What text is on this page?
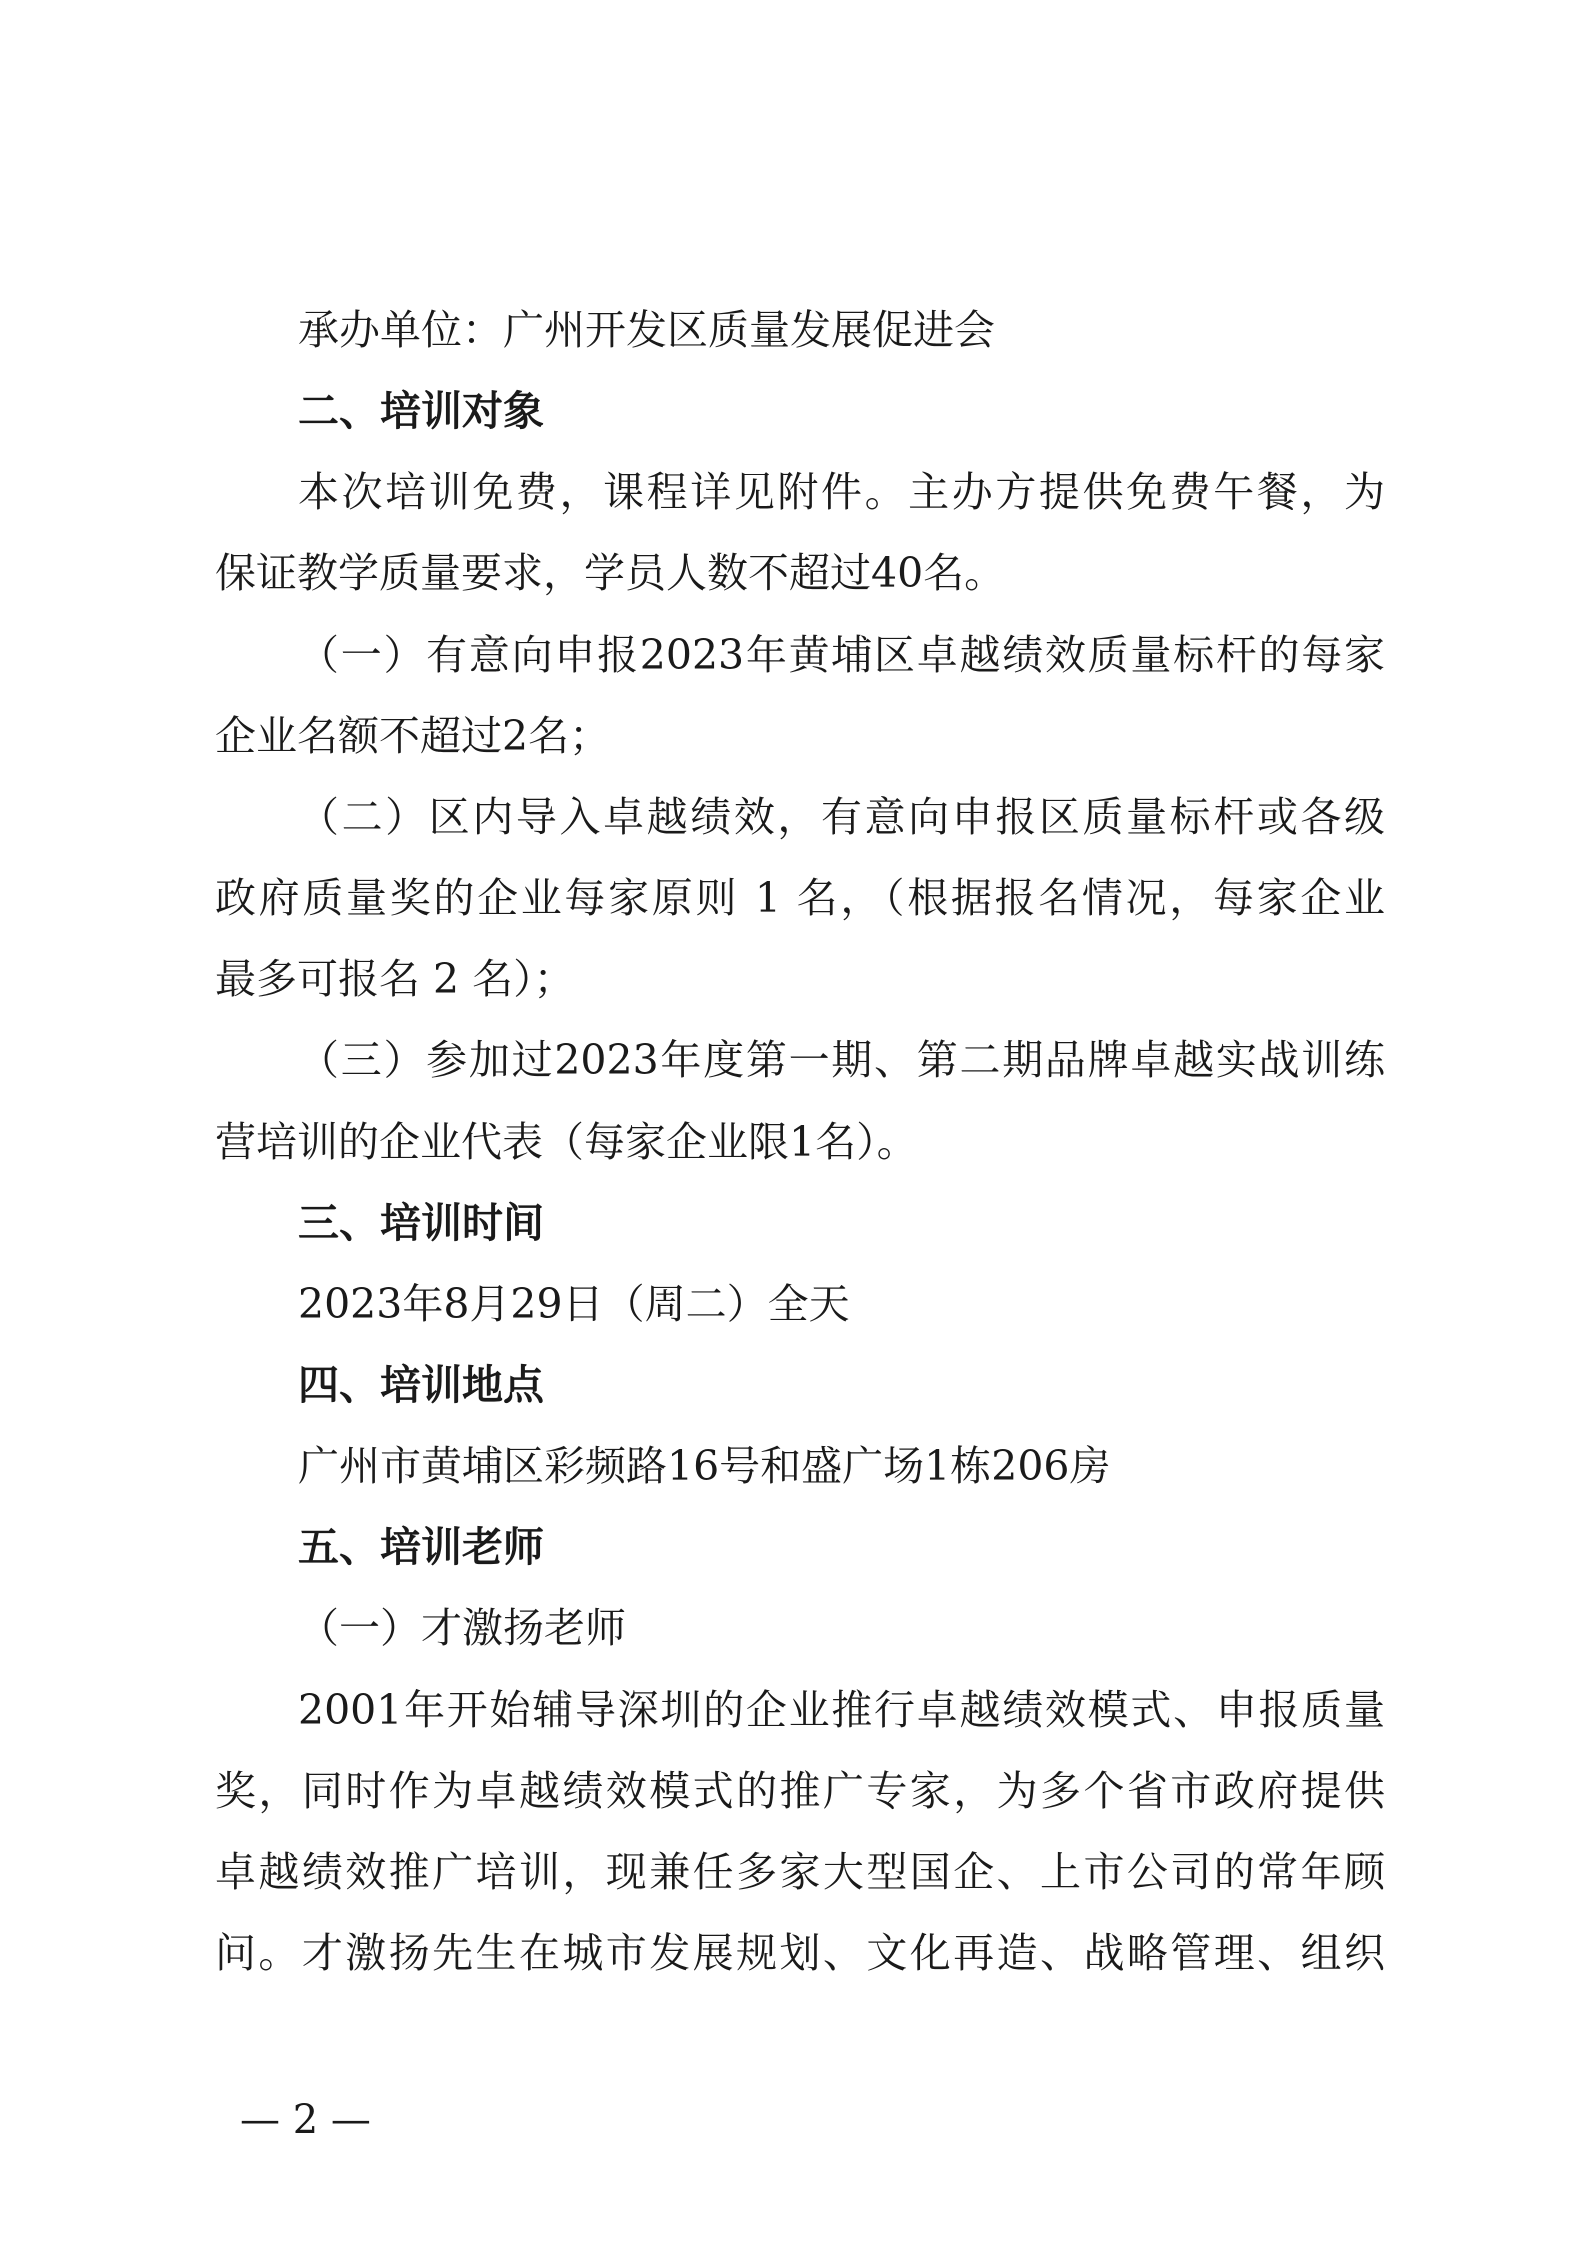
承办单位：广州开发区质量发展促进会
二、培训对象
本次培训免费，课程详见附件。主办方提供免费午餐，为
保证教学质量要求，学员人数不超过40名。
（一）有意向申报2023年黄埔区卓越绩效质量标杆的每家
企业名额不超过2名；
（二）区内导入卓越绩效，有意向申报区质量标杆或各级
政府质量奖的企业每家原则 1 名，（根据报名情况，每家企业
最多可报名 2 名）；
（三）参加过2023年度第一期、第二期品牌卓越实战训练
营培训的企业代表（每家企业限1名）。
三、培训时间
2023年8月29日（周二）全天
四、培训地点
广州市黄埔区彩频路16号和盛广场1栋206房
五、培训老师
（一）才激扬老师
2001年开始辅导深圳的企业推行卓越绩效模式、申报质量
奖，同时作为卓越绩效模式的推广专家，为多个省市政府提供
卓越绩效推广培训，现兼任多家大型国企、上市公司的常年顾
问。才激扬先生在城市发展规划、文化再造、战略管理、组织
— 2 —
